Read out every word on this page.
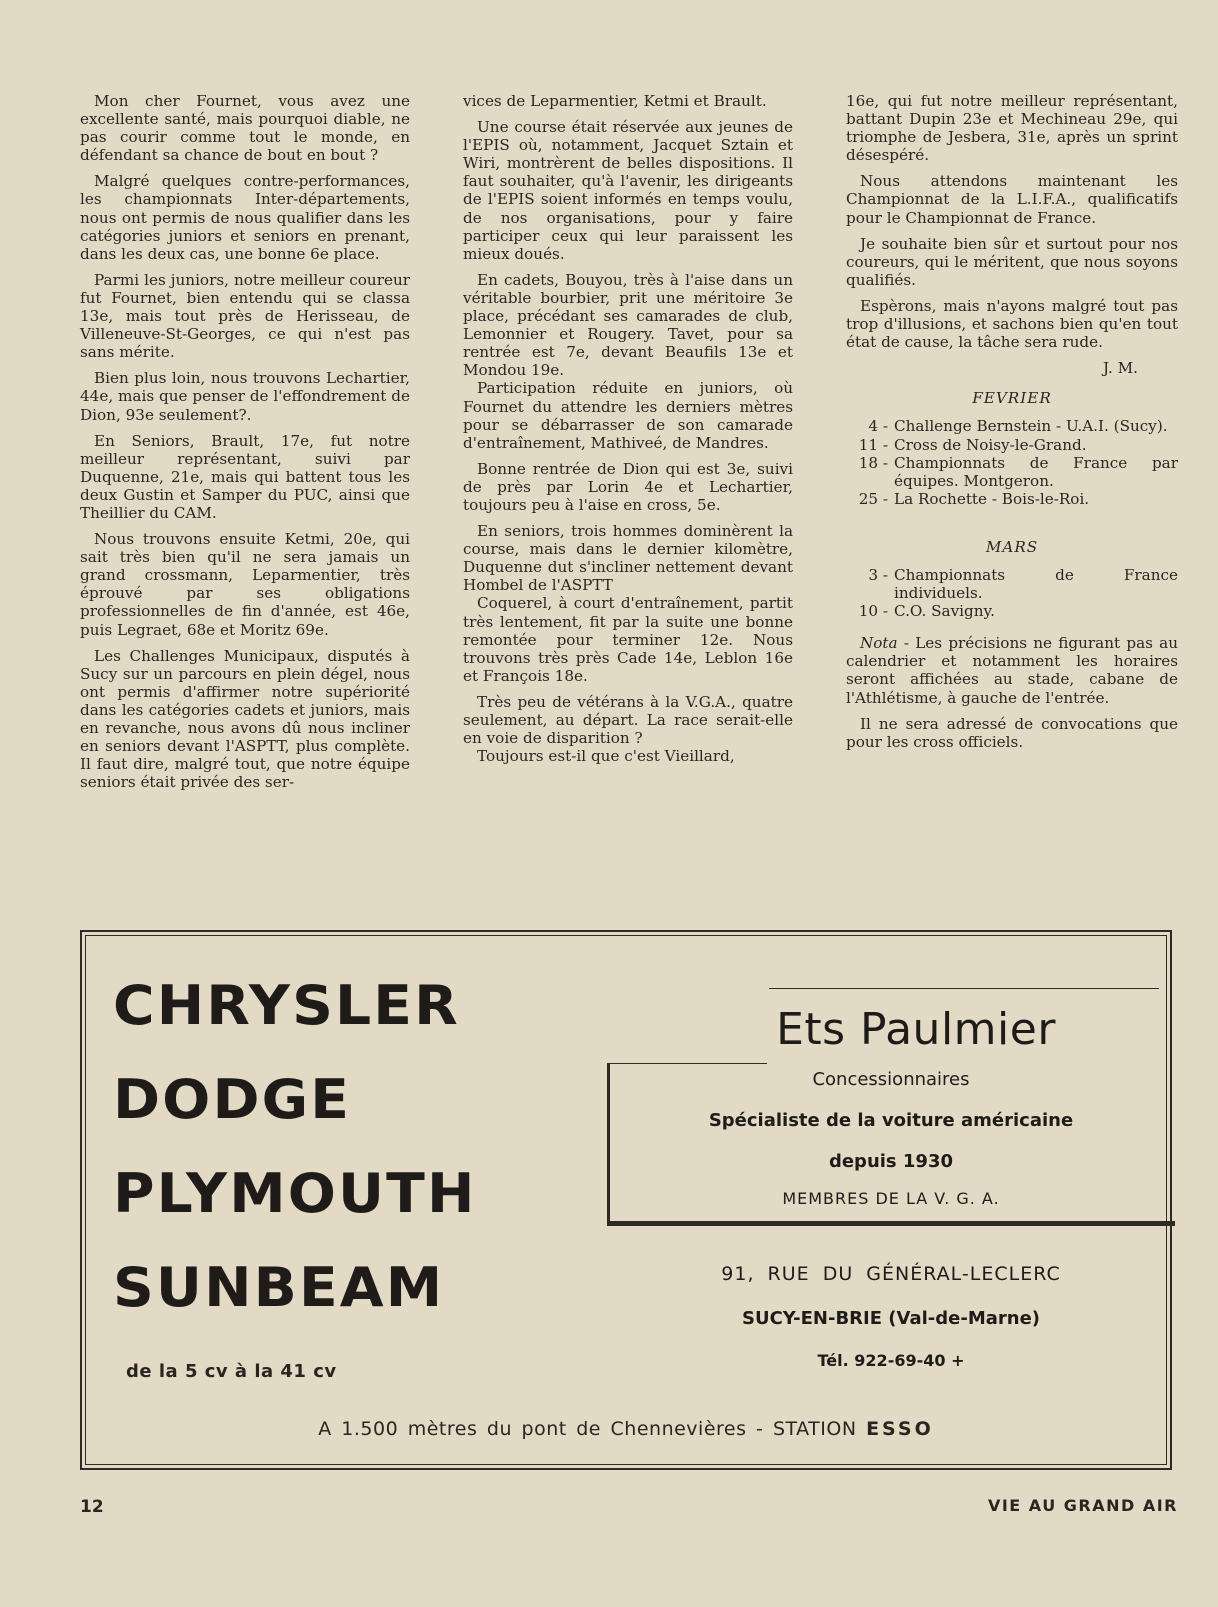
Mon cher Fournet, vous avez une excellente santé, mais pourquoi diable, ne pas courir comme tout le monde, en défendant sa chance de bout en bout ?

Malgré quelques contre-performances, les championnats Inter-départements, nous ont permis de nous qualifier dans les catégories juniors et seniors en prenant, dans les deux cas, une bonne 6e place.

Parmi les juniors, notre meilleur coureur fut Fournet, bien entendu qui se classa 13e, mais tout près de Herisseau, de Villeneuve-St-Georges, ce qui n'est pas sans mérite.

Bien plus loin, nous trouvons Lechartier, 44e, mais que penser de l'effondrement de Dion, 93e seulement?.

En Seniors, Brault, 17e, fut notre meilleur représentant, suivi par Duquenne, 21e, mais qui battent tous les deux Gustin et Samper du PUC, ainsi que Theillier du CAM.

Nous trouvons ensuite Ketmi, 20e, qui sait très bien qu'il ne sera jamais un grand crossmann, Leparmentier, très éprouvé par ses obligations professionnelles de fin d'année, est 46e, puis Legraet, 68e et Moritz 69e.

Les Challenges Municipaux, disputés à Sucy sur un parcours en plein dégel, nous ont permis d'affirmer notre supériorité dans les catégories cadets et juniors, mais en revanche, nous avons dû nous incliner en seniors devant l'ASPTT, plus complète. Il faut dire, malgré tout, que notre équipe seniors était privée des ser-

vices de Leparmentier, Ketmi et Brault.

Une course était réservée aux jeunes de l'EPIS où, notamment, Jacquet Sztain et Wiri, montrèrent de belles dispositions. Il faut souhaiter, qu'à l'avenir, les dirigeants de l'EPIS soient informés en temps voulu, de nos organisations, pour y faire participer ceux qui leur paraissent les mieux doués.

En cadets, Bouyou, très à l'aise dans un véritable bourbier, prit une méritoire 3e place, précédant ses camarades de club, Lemonnier et Rougery. Tavet, pour sa rentrée est 7e, devant Beaufils 13e et Mondou 19e.

Participation réduite en juniors, où Fournet du attendre les derniers mètres pour se débarrasser de son camarade d'entraînement, Mathiveé, de Mandres.

Bonne rentrée de Dion qui est 3e, suivi de près par Lorin 4e et Lechartier, toujours peu à l'aise en cross, 5e.

En seniors, trois hommes dominèrent la course, mais dans le dernier kilomètre, Duquenne dut s'incliner nettement devant Hombel de l'ASPTT

Coquerel, à court d'entraînement, partit très lentement, fit par la suite une bonne remontée pour terminer 12e. Nous trouvons très près Cade 14e, Leblon 16e et François 18e.

Très peu de vétérans à la V.G.A., quatre seulement, au départ. La race serait-elle en voie de disparition ?

Toujours est-il que c'est Vieillard,

16e, qui fut notre meilleur représentant, battant Dupin 23e et Mechineau 29e, qui triomphe de Jesbera, 31e, après un sprint désespéré.

Nous attendons maintenant les Championnat de la L.I.F.A., qualificatifs pour le Championnat de France.

Je souhaite bien sûr et surtout pour nos coureurs, qui le méritent, que nous soyons qualifiés.

Espèrons, mais n'ayons malgré tout pas trop d'illusions, et sachons bien qu'en tout état de cause, la tâche sera rude.

J. M.
FEVRIER
4 - Challenge Bernstein - U.A.I. (Sucy).
11 - Cross de Noisy-le-Grand.
18 - Championnats de France par équipes. Montgeron.
25 - La Rochette - Bois-le-Roi.
MARS
3 - Championnats de France individuels.
10 - C.O. Savigny.

Nota - Les précisions ne figurant pas au calendrier et notamment les horaires seront affichées au stade, cabane de l'Athlétisme, à gauche de l'entrée.

Il ne sera adressé de convocations que pour les cross officiels.

CHRYSLER

DODGE

PLYMOUTH

SUNBEAM

de la 5 cv à la 41 cv
Ets Paulmier
Concessionnaires
Spécialiste de la voiture américaine
depuis 1930
MEMBRES DE LA V. G. A.
91, RUE DU GÉNÉRAL-LECLERC
SUCY-EN-BRIE (Val-de-Marne)
Tél. 922-69-40 +
A 1.500 mètres du pont de Chennevières - STATION ESSO
12	VIE AU GRAND AIR
